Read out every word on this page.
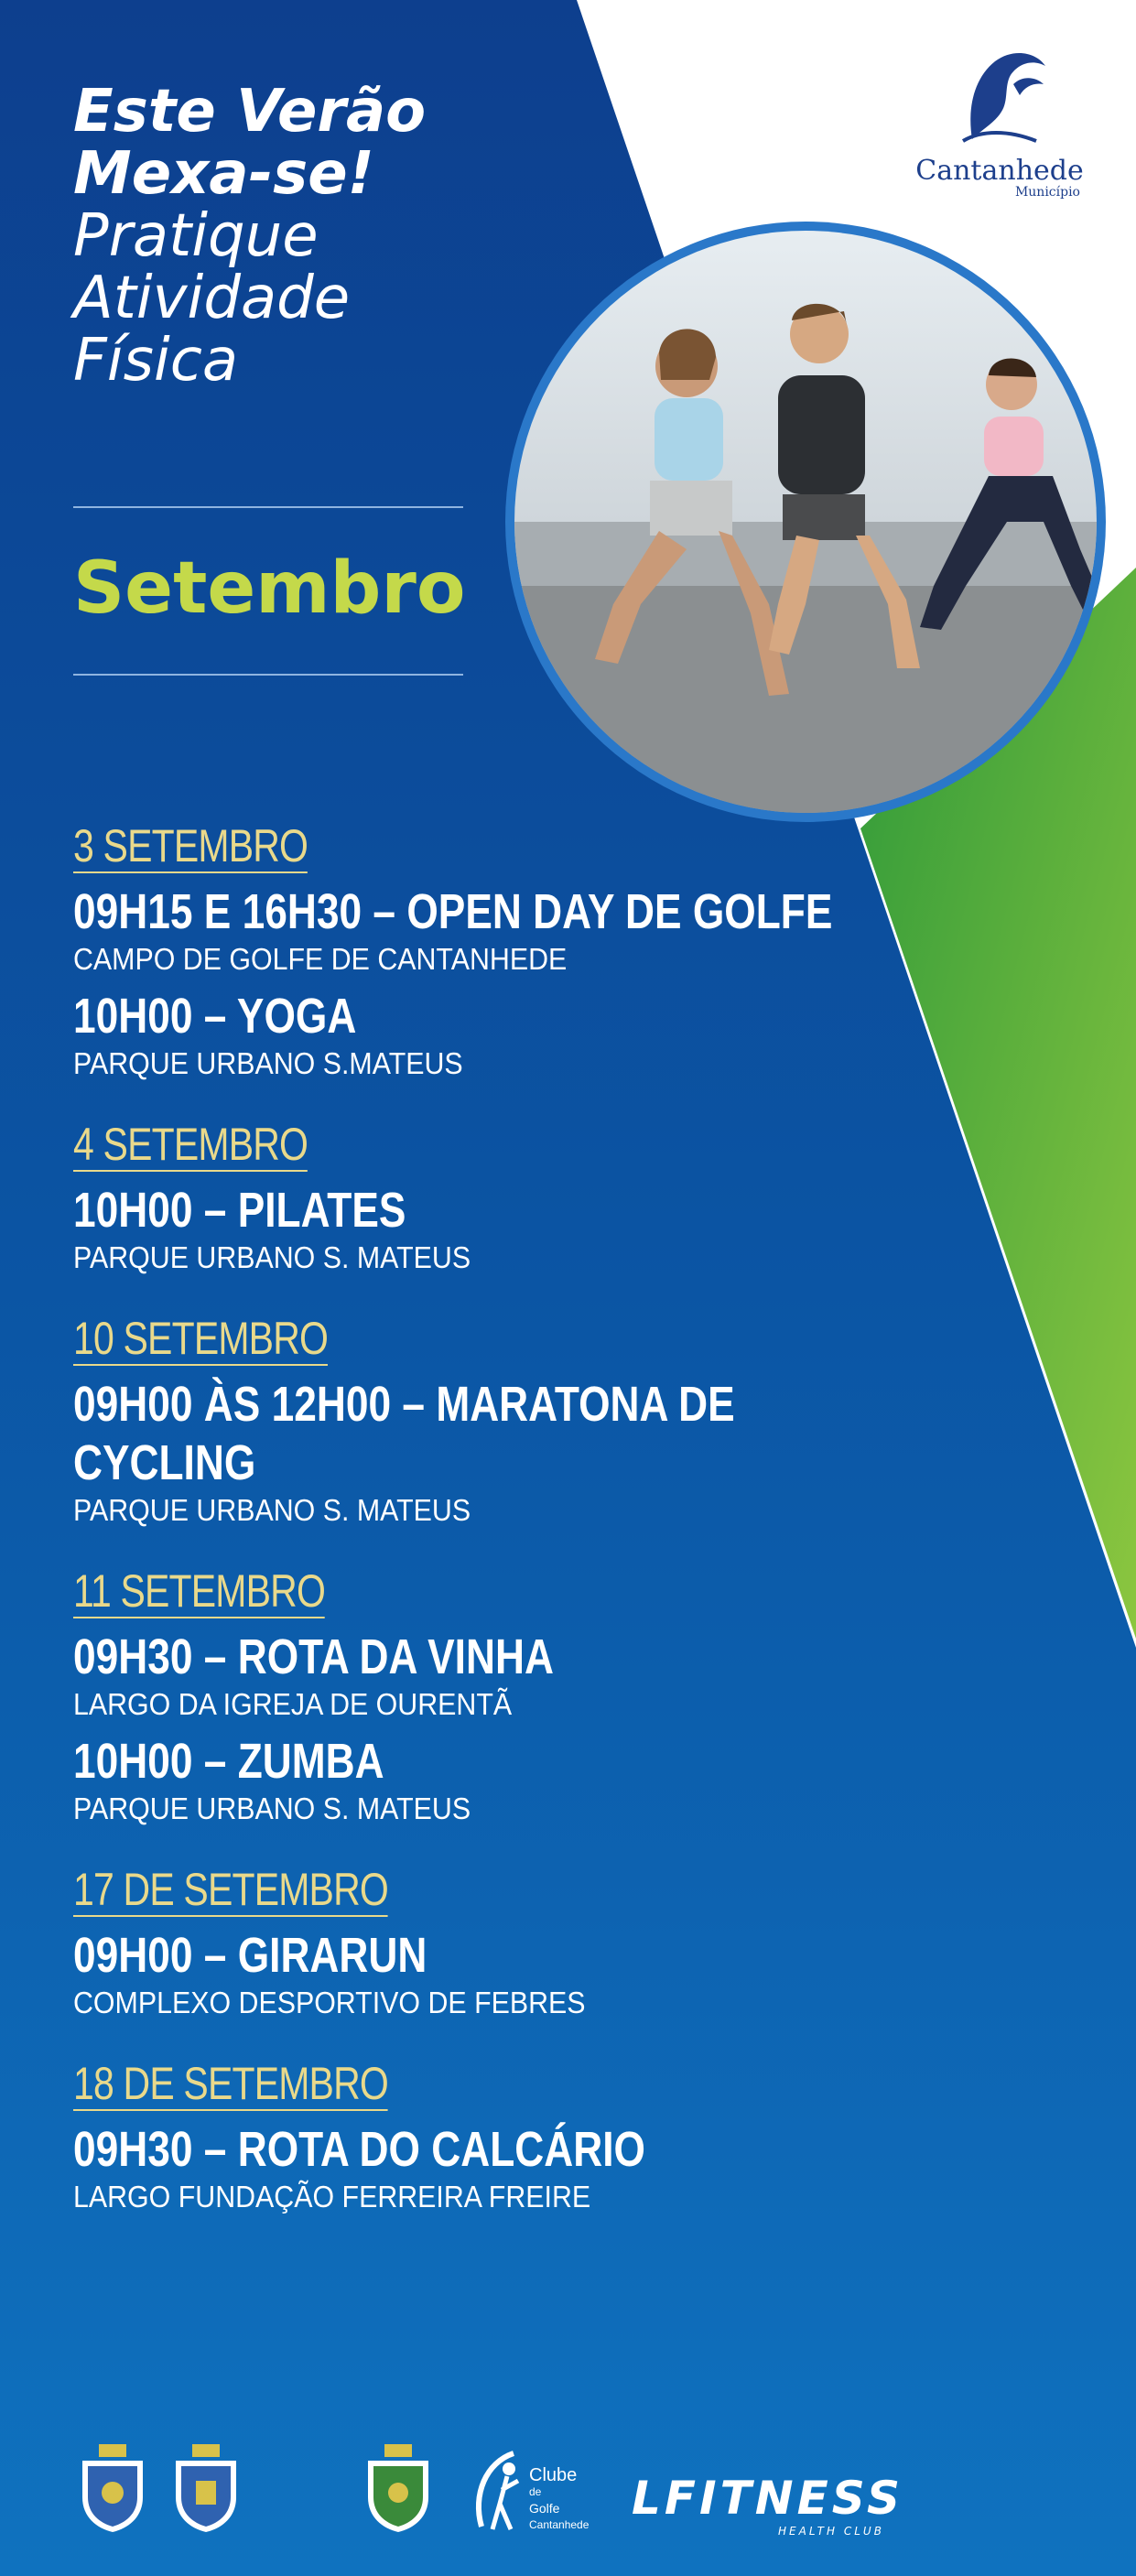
Este Verão
Mexa-se!
Pratique
Atividade
Física
Setembro
Cantanhede
Município
3 SETEMBRO
09H15 E 16H30 – OPEN DAY DE GOLFE
CAMPO DE GOLFE DE CANTANHEDE
10H00 – YOGA
PARQUE URBANO S.MATEUS
4 SETEMBRO
10H00 – PILATES
PARQUE URBANO S. MATEUS
10 SETEMBRO
09H00 ÀS 12H00 – MARATONA DE CYCLING
PARQUE URBANO S. MATEUS
11 SETEMBRO
09H30 – ROTA DA VINHA
LARGO DA IGREJA DE OURENTÃ
10H00 – ZUMBA
PARQUE URBANO S. MATEUS
17 DE SETEMBRO
09H00 – GIRARUN
COMPLEXO DESPORTIVO DE FEBRES
18 DE SETEMBRO
09H30 – ROTA DO CALCÁRIO
LARGO FUNDAÇÃO FERREIRA FREIRE
Clube
de
Golfe
Cantanhede LFITNESS
HEALTH CLUB
